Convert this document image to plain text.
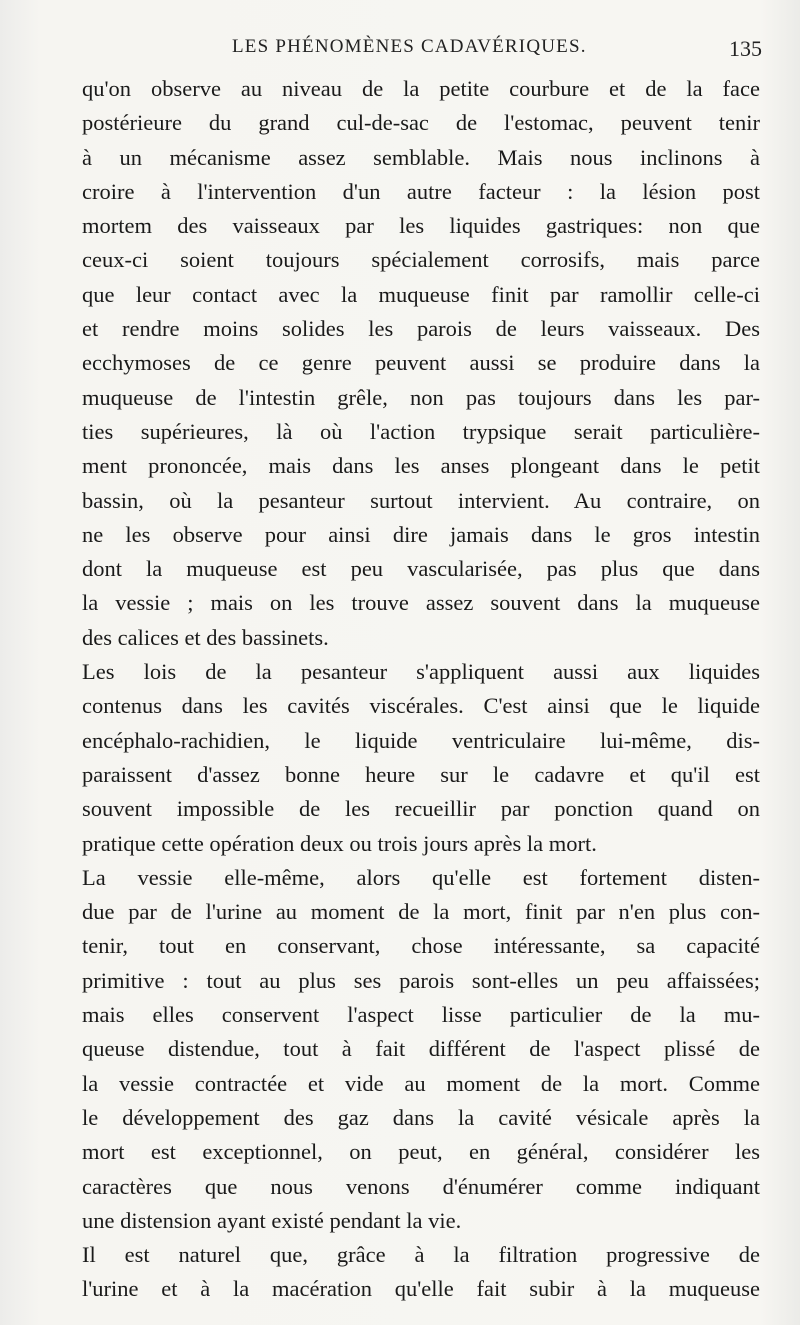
LES PHÉNOMÈNES CADAVÉRIQUES.	135
qu'on observe au niveau de la petite courbure et de la face
postérieure du grand cul-de-sac de l'estomac, peuvent tenir
à un mécanisme assez semblable. Mais nous inclinons à
croire à l'intervention d'un autre facteur : la lésion post
mortem des vaisseaux par les liquides gastriques: non que
ceux-ci soient toujours spécialement corrosifs, mais parce
que leur contact avec la muqueuse finit par ramollir celle-ci
et rendre moins solides les parois de leurs vaisseaux. Des
ecchymoses de ce genre peuvent aussi se produire dans la
muqueuse de l'intestin grêle, non pas toujours dans les par-
ties supérieures, là où l'action trypsique serait particulière-
ment prononcée, mais dans les anses plongeant dans le petit
bassin, où la pesanteur surtout intervient. Au contraire, on
ne les observe pour ainsi dire jamais dans le gros intestin
dont la muqueuse est peu vascularisée, pas plus que dans
la vessie ; mais on les trouve assez souvent dans la muqueuse
des calices et des bassinets.
Les lois de la pesanteur s'appliquent aussi aux liquides
contenus dans les cavités viscérales. C'est ainsi que le liquide
encéphalo-rachidien, le liquide ventriculaire lui-même, dis-
paraissent d'assez bonne heure sur le cadavre et qu'il est
souvent impossible de les recueillir par ponction quand on
pratique cette opération deux ou trois jours après la mort.
La vessie elle-même, alors qu'elle est fortement disten-
due par de l'urine au moment de la mort, finit par n'en plus con-
tenir, tout en conservant, chose intéressante, sa capacité
primitive : tout au plus ses parois sont-elles un peu affaissées;
mais elles conservent l'aspect lisse particulier de la mu-
queuse distendue, tout à fait différent de l'aspect plissé de
la vessie contractée et vide au moment de la mort. Comme
le développement des gaz dans la cavité vésicale après la
mort est exceptionnel, on peut, en général, considérer les
caractères que nous venons d'énumérer comme indiquant
une distension ayant existé pendant la vie.
Il est naturel que, grâce à la filtration progressive de
l'urine et à la macération qu'elle fait subir à la muqueuse
